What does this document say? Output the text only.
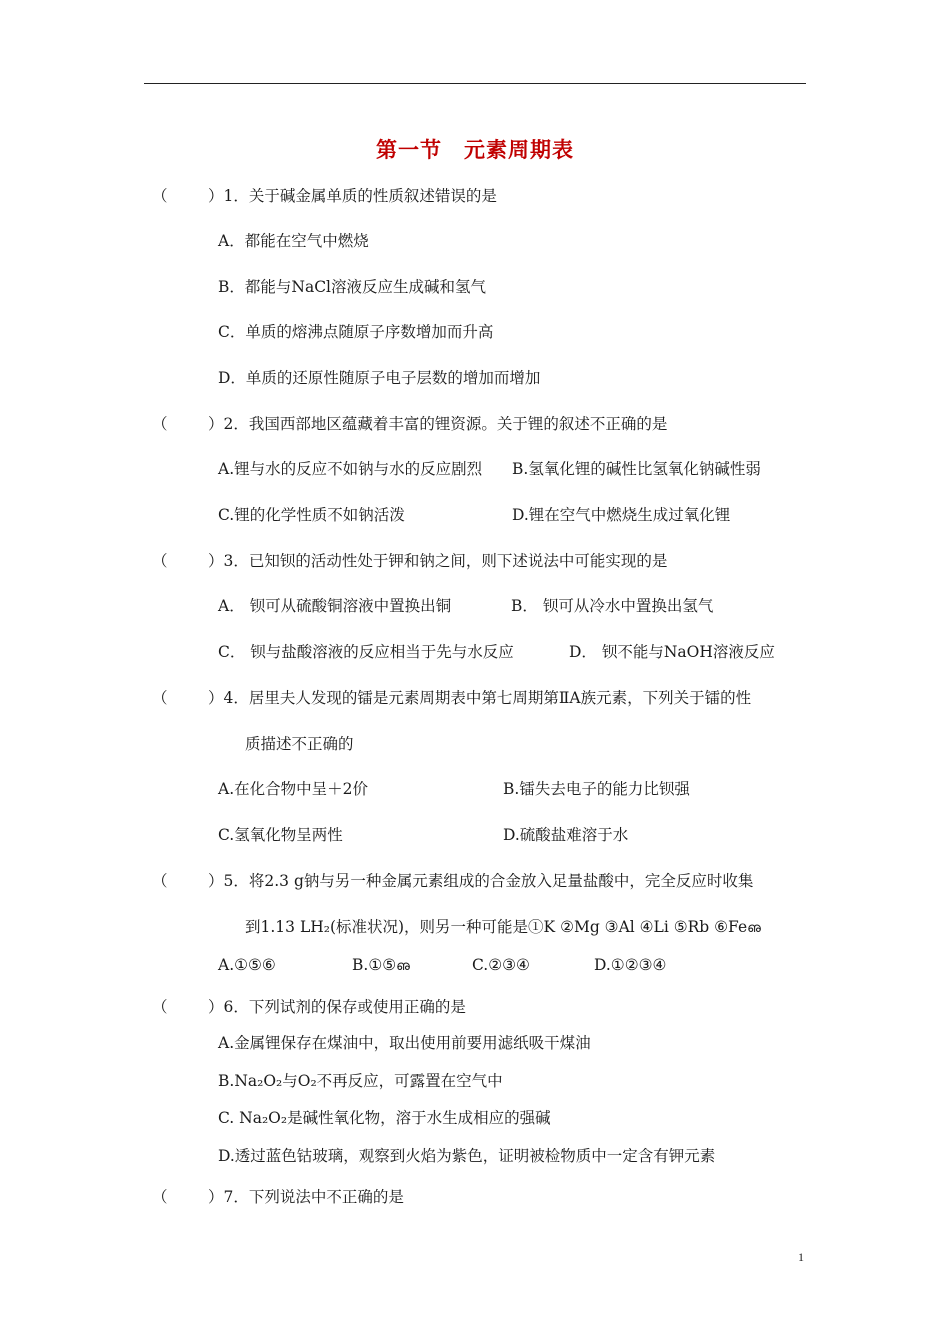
第一节　元素周期表
（	）1．关于碱金属单质的性质叙述错误的是
A．都能在空气中燃烧
B．都能与NaCl溶液反应生成碱和氢气
C．单质的熔沸点随原子序数增加而升高
D．单质的还原性随原子电子层数的增加而增加
（	）2．我国西部地区蕴藏着丰富的锂资源。关于锂的叙述不正确的是
A.锂与水的反应不如钠与水的反应剧烈 B.氢氧化锂的碱性比氢氧化钠碱性弱
C.锂的化学性质不如钠活泼	D.锂在空气中燃烧生成过氧化锂
（	）3．已知钡的活动性处于钾和钠之间，则下述说法中可能实现的是
A． 钡可从硫酸铜溶液中置换出铜	B． 钡可从冷水中置换出氢气
C． 钡与盐酸溶液的反应相当于先与水反应	D． 钡不能与NaOH溶液反应
（	）4．居里夫人发现的镭是元素周期表中第七周期第ⅡA族元素，下列关于镭的性
质描述不正确的
A.在化合物中呈＋2价	B.镭失去电子的能力比钡强
C.氢氧化物呈两性	D.硫酸盐难溶于水
（	）5．将2.3 g钠与另一种金属元素组成的合金放入足量盐酸中，完全反应时收集
到1.13 LH₂(标准状况)，则另一种可能是①K ②Mg ③Al ④Li ⑤Rb ⑥Feഌ
A.①⑤⑥	B.①⑤ഌ	C.②③④	D.①②③④
（	）6．下列试剂的保存或使用正确的是
A.金属锂保存在煤油中，取出使用前要用滤纸吸干煤油
B.Na₂O₂与O₂不再反应，可露置在空气中
C. Na₂O₂是碱性氧化物，溶于水生成相应的强碱
D.透过蓝色钴玻璃，观察到火焰为紫色，证明被检物质中一定含有钾元素
（	）7．下列说法中不正确的是
1
